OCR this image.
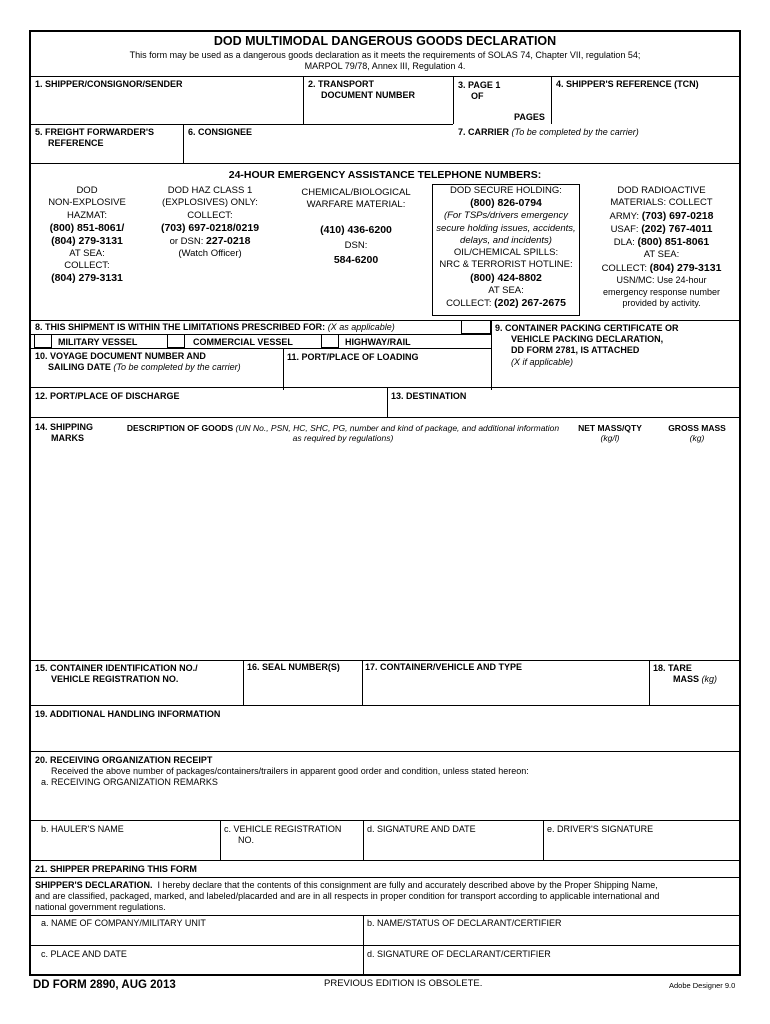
DOD MULTIMODAL DANGEROUS GOODS DECLARATION
This form may be used as a dangerous goods declaration as it meets the requirements of SOLAS 74, Chapter VII, regulation 54;
MARPOL 79/78, Annex III, Regulation 4.
1. SHIPPER/CONSIGNOR/SENDER	2. TRANSPORT
DOCUMENT NUMBER
3. PAGE 1
OF
PAGES
4. SHIPPER'S REFERENCE (TCN)
5. FREIGHT FORWARDER'S
REFERENCE
6. CONSIGNEE	7. CARRIER (To be completed by the carrier)
24-HOUR EMERGENCY ASSISTANCE TELEPHONE NUMBERS:
DOD
NON-EXPLOSIVE
HAZMAT:
(800) 851-8061/
(804) 279-3131
AT SEA:
COLLECT:
(804) 279-3131
DOD HAZ CLASS 1
(EXPLOSIVES) ONLY:
COLLECT:
(703) 697-0218/0219
or DSN: 227-0218
(Watch Officer)
CHEMICAL/BIOLOGICAL
WARFARE MATERIAL:
(410) 436-6200
DSN:
584-6200
DOD SECURE HOLDING:
(800) 826-0794
(For TSPs/drivers emergency
secure holding issues, accidents,
delays, and incidents)
OIL/CHEMICAL SPILLS:
NRC & TERRORIST HOTLINE:
(800) 424-8802
AT SEA:
COLLECT: (202) 267-2675
DOD RADIOACTIVE
MATERIALS: COLLECT
ARMY: (703) 697-0218
USAF: (202) 767-4011
DLA: (800) 851-8061
AT SEA:
COLLECT: (804) 279-3131
USN/MC: Use 24-hour
emergency response number
provided by activity.
8. THIS SHIPMENT IS WITHIN THE LIMITATIONS PRESCRIBED FOR: (X as applicable)
MILITARY VESSEL	COMMERCIAL VESSEL	HIGHWAY/RAIL
9. CONTAINER PACKING CERTIFICATE OR
VEHICLE PACKING DECLARATION,
DD FORM 2781, IS ATTACHED
(X if applicable)
10. VOYAGE DOCUMENT NUMBER AND
SAILING DATE (To be completed by the carrier)
11. PORT/PLACE OF LOADING
12. PORT/PLACE OF DISCHARGE	13. DESTINATION
14. SHIPPING
MARKS
DESCRIPTION OF GOODS (UN No., PSN, HC, SHC, PG, number and kind of package, and additional information
as required by regulations)
NET MASS/QTY
(kg/l)
GROSS MASS
(kg)
15. CONTAINER IDENTIFICATION NO./
VEHICLE REGISTRATION NO.
16. SEAL NUMBER(S)	17. CONTAINER/VEHICLE AND TYPE	18. TARE
MASS (kg)
19. ADDITIONAL HANDLING INFORMATION
20. RECEIVING ORGANIZATION RECEIPT
Received the above number of packages/containers/trailers in apparent good order and condition, unless stated hereon:
a. RECEIVING ORGANIZATION REMARKS
b. HAULER'S NAME	c. VEHICLE REGISTRATION
NO.
d. SIGNATURE AND DATE	e. DRIVER'S SIGNATURE
21. SHIPPER PREPARING THIS FORM
SHIPPER'S DECLARATION. I hereby declare that the contents of this consignment are fully and accurately described above by the Proper Shipping Name,
and are classified, packaged, marked, and labeled/placarded and are in all respects in proper condition for transport according to applicable international and
national government regulations.
a. NAME OF COMPANY/MILITARY UNIT	b. NAME/STATUS OF DECLARANT/CERTIFIER
c. PLACE AND DATE	d. SIGNATURE OF DECLARANT/CERTIFIER
DD FORM 2890, AUG 2013	PREVIOUS EDITION IS OBSOLETE.	Adobe Designer 9.0
